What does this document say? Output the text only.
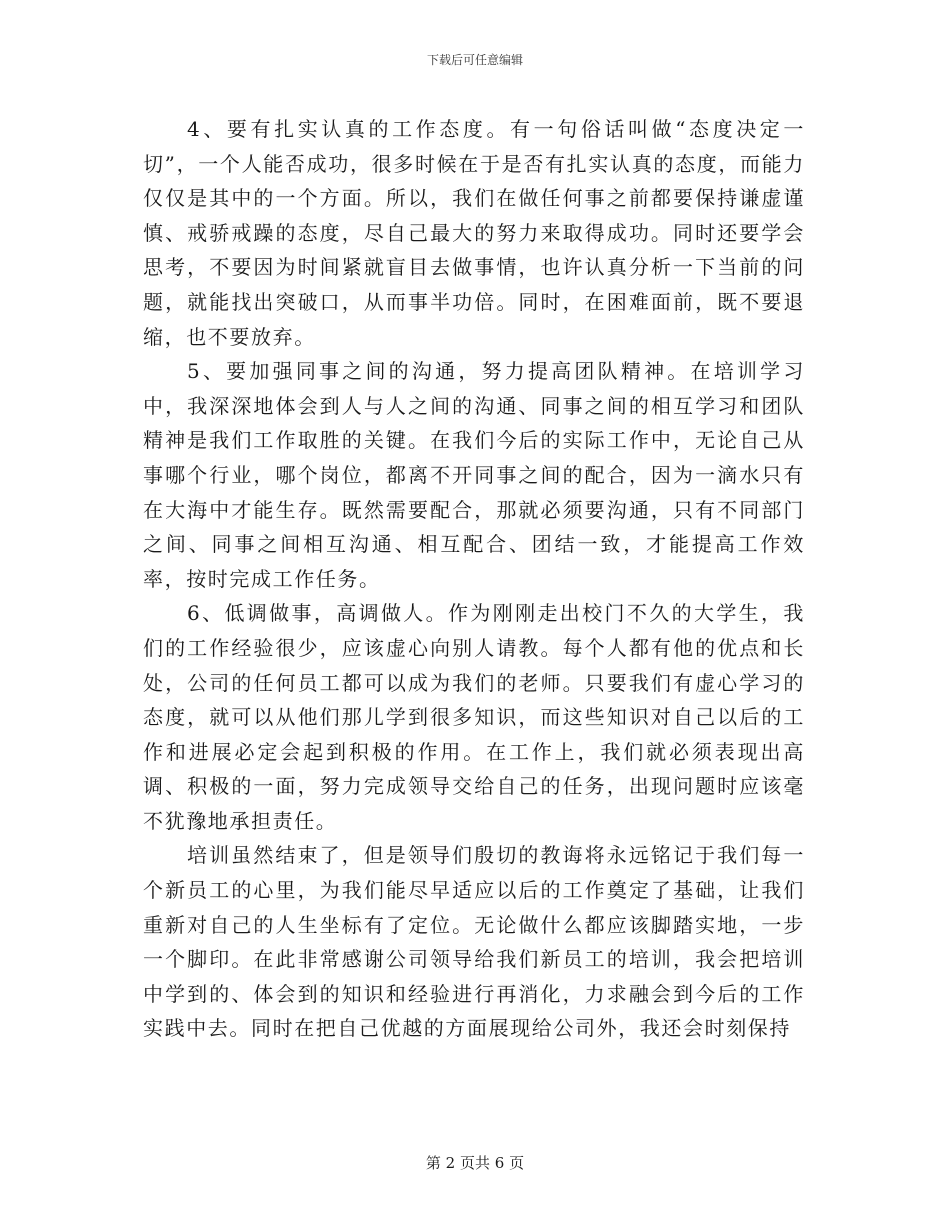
下载后可任意编辑

4、要有扎实认真的工作态度。有一句俗话叫做“态度决定一切”，一个人能否成功，很多时候在于是否有扎实认真的态度，而能力仅仅是其中的一个方面。所以，我们在做任何事之前都要保持谦虚谨慎、戒骄戒躁的态度，尽自己最大的努力来取得成功。同时还要学会思考，不要因为时间紧就盲目去做事情，也许认真分析一下当前的问题，就能找出突破口，从而事半功倍。同时，在困难面前，既不要退缩，也不要放弃。

5、要加强同事之间的沟通，努力提高团队精神。在培训学习中，我深深地体会到人与人之间的沟通、同事之间的相互学习和团队精神是我们工作取胜的关键。在我们今后的实际工作中，无论自己从事哪个行业，哪个岗位，都离不开同事之间的配合，因为一滴水只有在大海中才能生存。既然需要配合，那就必须要沟通，只有不同部门之间、同事之间相互沟通、相互配合、团结一致，才能提高工作效率，按时完成工作任务。

6、低调做事，高调做人。作为刚刚走出校门不久的大学生，我们的工作经验很少，应该虚心向别人请教。每个人都有他的优点和长处，公司的任何员工都可以成为我们的老师。只要我们有虚心学习的态度，就可以从他们那儿学到很多知识，而这些知识对自己以后的工作和进展必定会起到积极的作用。在工作上，我们就必须表现出高调、积极的一面，努力完成领导交给自己的任务，出现问题时应该毫不犹豫地承担责任。

培训虽然结束了，但是领导们殷切的教诲将永远铭记于我们每一个新员工的心里，为我们能尽早适应以后的工作奠定了基础，让我们重新对自己的人生坐标有了定位。无论做什么都应该脚踏实地，一步一个脚印。在此非常感谢公司领导给我们新员工的培训，我会把培训中学到的、体会到的知识和经验进行再消化，力求融会到今后的工作实践中去。同时在把自己优越的方面展现给公司外，我还会时刻保持

第 2 页共 6 页
